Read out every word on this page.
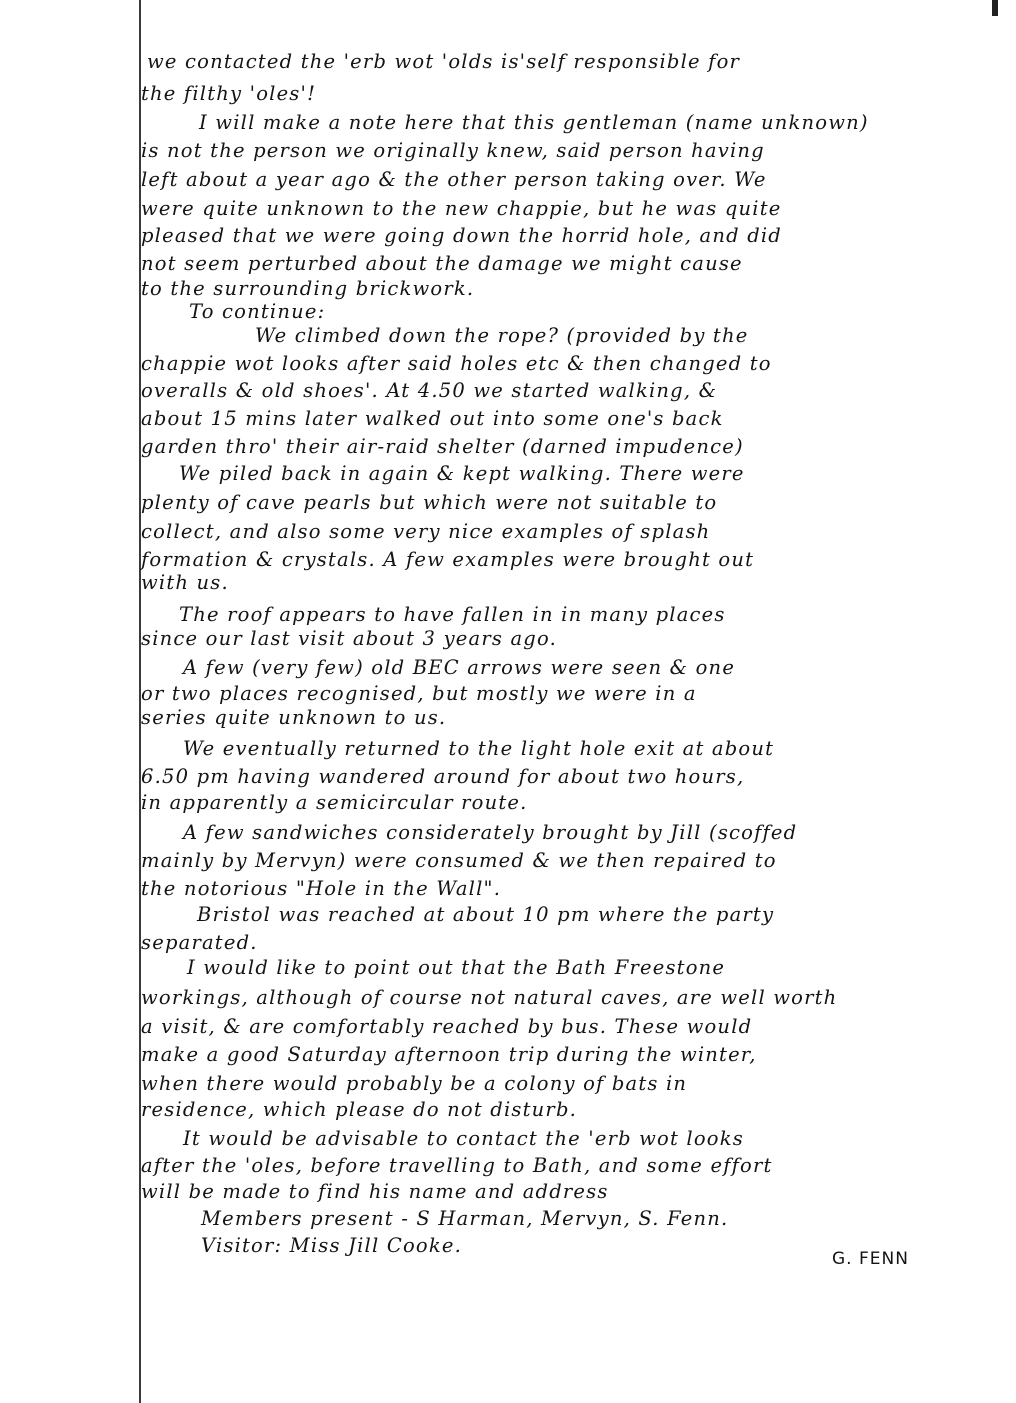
we contacted the 'erb wot 'olds is'self responsible for
the filthy 'oles'!
I will make a note here that this gentleman (name unknown)
is not the person we originally knew, said person having
left about a year ago & the other person taking over. We
were quite unknown to the new chappie, but he was quite
pleased that we were going down the horrid hole, and did
not seem perturbed about the damage we might cause
to the surrounding brickwork.
To continue:
We climbed down the rope? (provided by the
chappie wot looks after said holes etc & then changed to
overalls & old shoes'. At 4.50 we started walking, &
about 15 mins later walked out into some one's back
garden thro' their air-raid shelter (darned impudence)
We piled back in again & kept walking. There were
plenty of cave pearls but which were not suitable to
collect, and also some very nice examples of splash
formation & crystals. A few examples were brought out
with us.
The roof appears to have fallen in in many places
since our last visit about 3 years ago.
A few (very few) old BEC arrows were seen & one
or two places recognised, but mostly we were in a
series quite unknown to us.
We eventually returned to the light hole exit at about
6.50 pm having wandered around for about two hours,
in apparently a semicircular route.
A few sandwiches considerately brought by Jill (scoffed
mainly by Mervyn) were consumed & we then repaired to
the notorious "Hole in the Wall".
Bristol was reached at about 10 pm where the party
separated.
I would like to point out that the Bath Freestone
workings, although of course not natural caves, are well worth
a visit, & are comfortably reached by bus. These would
make a good Saturday afternoon trip during the winter,
when there would probably be a colony of bats in
residence, which please do not disturb.
It would be advisable to contact the 'erb wot looks
after the 'oles, before travelling to Bath, and some effort
will be made to find his name and address
Members present - S Harman, Mervyn, S. Fenn.
Visitor: Miss Jill Cooke.
G. FENN
